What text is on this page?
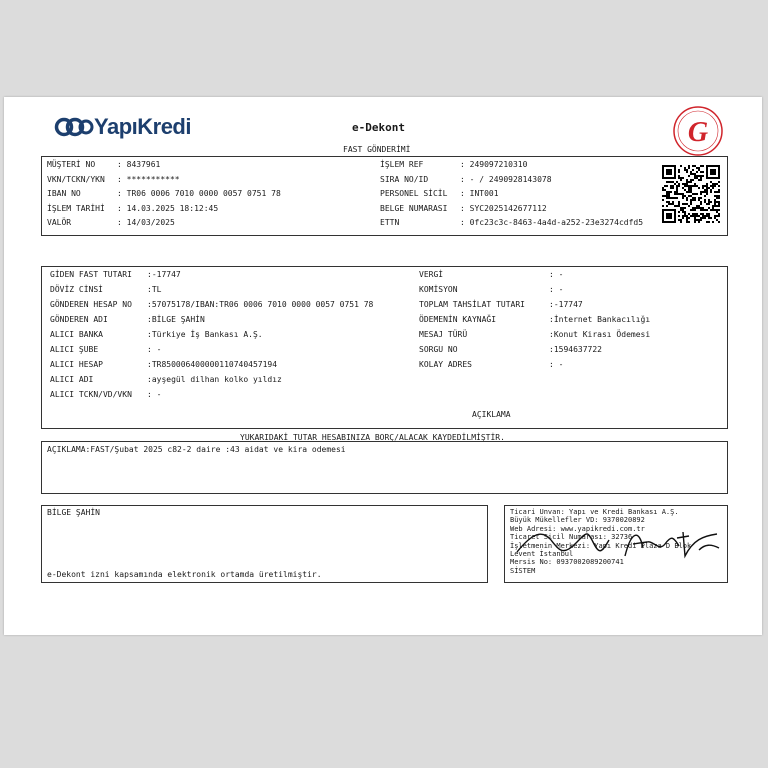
YapıKredi	e-Dekont	G
FAST GÖNDERİMİ
MÜŞTERİ NO	: 8437961
VKN/TCKN/YKN : ***********
IBAN NO	: TR06 0006 7010 0000 0057 0751 78
İŞLEM TARİHİ : 14.03.2025 18:12:45
VALÖR	: 14/03/2025
İŞLEM REF	: 249097210310
SIRA NO/ID	: - / 2490928143078
PERSONEL SİCİL : INT001
BELGE NUMARASI : SYC2025142677112
ETTN	: 0fc23c3c-8463-4a4d-a252-23e3274cdfd5
GİDEN FAST TUTARI :-17747
DÖVİZ CİNSİ	:TL
GÖNDEREN HESAP NO :57075178/IBAN:TR06 0006 7010 0000 0057 0751 78
GÖNDEREN ADI	:BİLGE ŞAHİN
ALICI BANKA	:Türkiye İş Bankası A.Ş.
ALICI ŞUBE	: -
ALICI HESAP	:TR850006400000110740457194
ALICI ADI	:ayşegül dilhan kolko yıldız
ALICI TCKN/VD/VKN : -
VERGİ	: -
KOMİSYON	: -
TOPLAM TAHSİLAT TUTARI	:-17747
ÖDEMENİN KAYNAĞI	:İnternet Bankacılığı
MESAJ TÜRÜ	:Konut Kirası Ödemesi
SORGU NO	:1594637722
KOLAY ADRES	: -
AÇIKLAMA
YUKARIDAKİ TUTAR HESABINIZA BORÇ/ALACAK KAYDEDİLMİŞTİR.
AÇIKLAMA:FAST/Şubat 2025 c82-2 daire :43 aidat ve kira odemesi
BİLGE ŞAHİN
e-Dekont izni kapsamında elektronik ortamda üretilmiştir.
Ticari Unvan: Yapı ve Kredi Bankası A.Ş.
Büyük Mükellefler VD: 9370020892
Web Adresi: www.yapikredi.com.tr
Ticaret Sicil Numarası: 32736
İşletmenin Merkezi: Yapı Kredi Plaza D Blok
Levent İstanbul
Mersis No: 0937002089200741
SİSTEM
